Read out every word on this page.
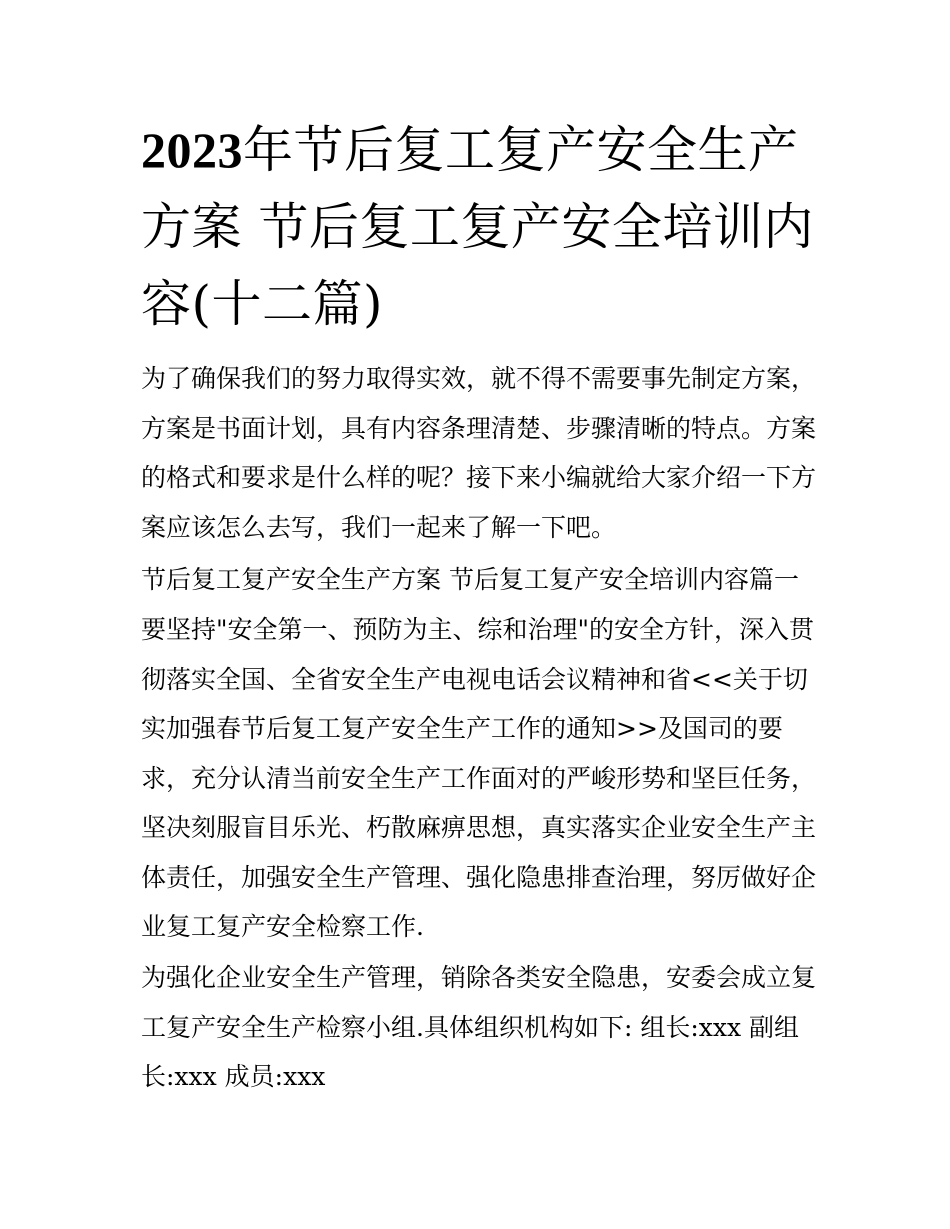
2023年节后复工复产安全生产方案 节后复工复产安全培训内容(十二篇)

为了确保我们的努力取得实效，就不得不需要事先制定方案，方案是书面计划，具有内容条理清楚、步骤清晰的特点。方案的格式和要求是什么样的呢？接下来小编就给大家介绍一下方案应该怎么去写，我们一起来了解一下吧。

节后复工复产安全生产方案 节后复工复产安全培训内容篇一

要坚持"安全第一、预防为主、综和治理"的安全方针，深入贯彻落实全国、全省安全生产电视电话会议精神和省<<关于切实加强春节后复工复产安全生产工作的通知>>及国司的要求，充分认清当前安全生产工作面对的严峻形势和坚巨任务，坚决刻服盲目乐光、朽散麻痹思想，真实落实企业安全生产主体责任，加强安全生产管理、强化隐患排查治理，努厉做好企业复工复产安全检察工作.

为强化企业安全生产管理，销除各类安全隐患，安委会成立复工复产安全生产检察小组.具体组织机构如下: 组长:xxx 副组长:xxx 成员:xxx
